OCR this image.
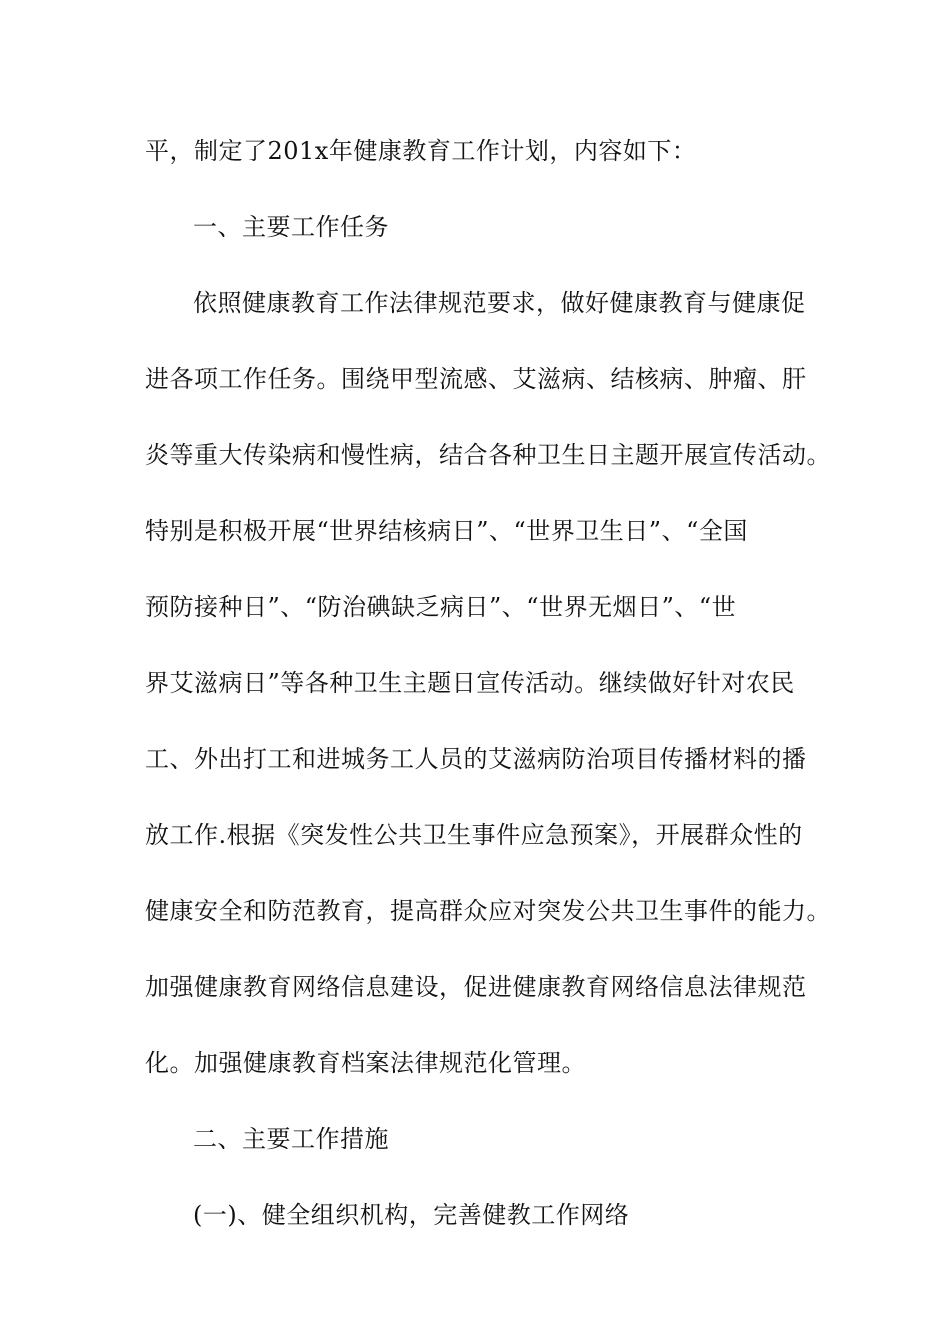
平，制定了201x年健康教育工作计划，内容如下：
一、主要工作任务
依照健康教育工作法律规范要求，做好健康教育与健康促
进各项工作任务。围绕甲型流感、艾滋病、结核病、肿瘤、肝
炎等重大传染病和慢性病，结合各种卫生日主题开展宣传活动。
特别是积极开展“世界结核病日”、“世界卫生日”、“全国
预防接种日”、“防治碘缺乏病日”、“世界无烟日”、“世
界艾滋病日”等各种卫生主题日宣传活动。继续做好针对农民
工、外出打工和进城务工人员的艾滋病防治项目传播材料的播
放工作.根据《突发性公共卫生事件应急预案》，开展群众性的
健康安全和防范教育，提高群众应对突发公共卫生事件的能力。
加强健康教育网络信息建设，促进健康教育网络信息法律规范
化。加强健康教育档案法律规范化管理。
二、主要工作措施
(一)、健全组织机构，完善健教工作网络
